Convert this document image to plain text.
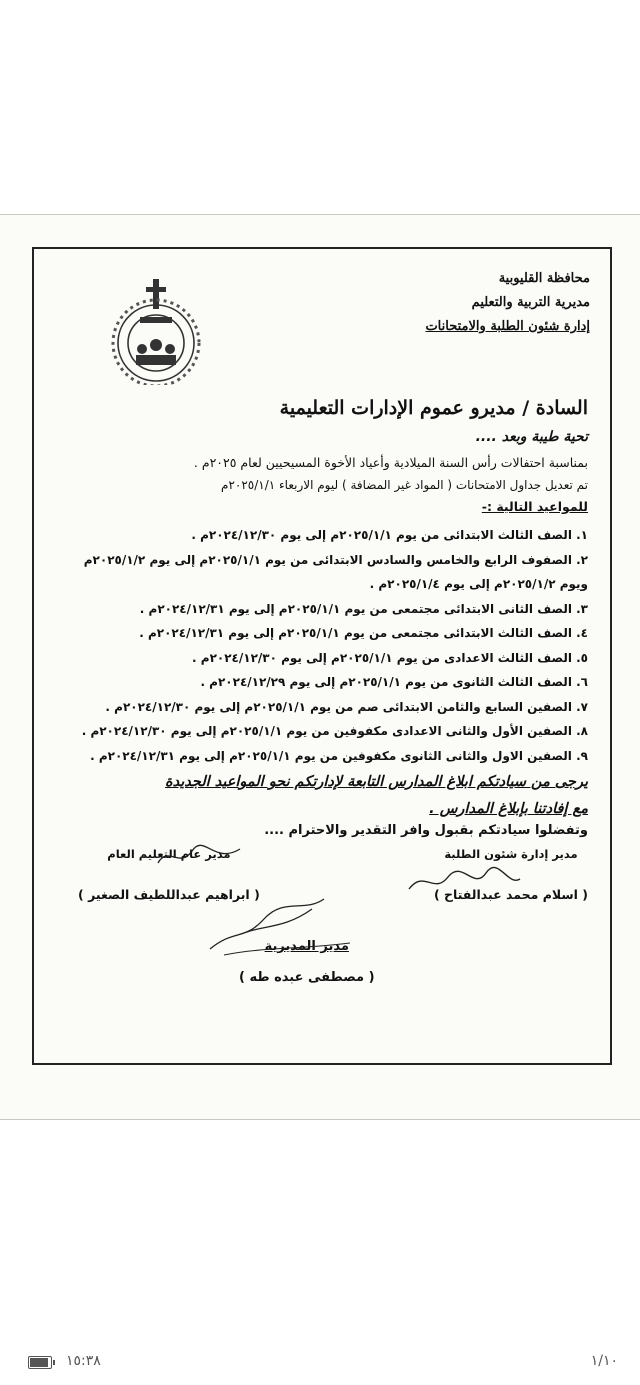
محافظة القليوبية
مديرية التربية والتعليم
إدارة شئون الطلبة والامتحانات
السادة / مديرو عموم الإدارات التعليمية
تحية طيبة وبعد ....
بمناسبة احتفالات رأس السنة الميلادية وأعياد الأخوة المسيحيين لعام ٢٠٢٥م .
تم تعديل جداول الامتحانات ( المواد غير المضافة ) ليوم الاربعاء ٢٠٢٥/١/١م
للمواعيد التالية :-
١. الصف الثالث الابتدائى من يوم ٢٠٢٥/١/١م إلى يوم ٢٠٢٤/١٢/٣٠م .
٢. الصفوف الرابع والخامس والسادس الابتدائى من يوم ٢٠٢٥/١/١م إلى يوم ٢٠٢٥/١/٢م
ويوم ٢٠٢٥/١/٢م إلى يوم ٢٠٢٥/١/٤م .
٣. الصف الثانى الابتدائى مجتمعى من يوم ٢٠٢٥/١/١م إلى يوم ٢٠٢٤/١٢/٣١م .
٤. الصف الثالث الابتدائى مجتمعى من يوم ٢٠٢٥/١/١م إلى يوم ٢٠٢٤/١٢/٣١م .
٥. الصف الثالث الاعدادى من يوم ٢٠٢٥/١/١م إلى يوم ٢٠٢٤/١٢/٣٠م .
٦. الصف الثالث الثانوى من يوم ٢٠٢٥/١/١م إلى يوم ٢٠٢٤/١٢/٢٩م .
٧. الصفين السابع والثامن الابتدائى صم من يوم ٢٠٢٥/١/١م إلى يوم ٢٠٢٤/١٢/٣٠م .
٨. الصفين الأول والثانى الاعدادى مكفوفين من يوم ٢٠٢٥/١/١م إلى يوم ٢٠٢٤/١٢/٣٠م .
٩. الصفين الاول والثانى الثانوى مكفوفين من يوم ٢٠٢٥/١/١م إلى يوم ٢٠٢٤/١٢/٣١م .
يرجى من سيادتكم ابلاغ المدارس التابعة لإدارتكم نحو المواعيد الجديدة
مع إفادتنا بإبلاغ المدارس .
وتفضلوا سيادتكم بقبول وافر التقدير والاحترام ....
مدير إدارة شئون الطلبة
( اسلام محمد عبدالفتاح )
مدير عام التعليم العام
( ابراهيم عبداللطيف الصغير )
مدير المديرية
( مصطفى عبده طه )
١٥:٣٨	١/١٠
